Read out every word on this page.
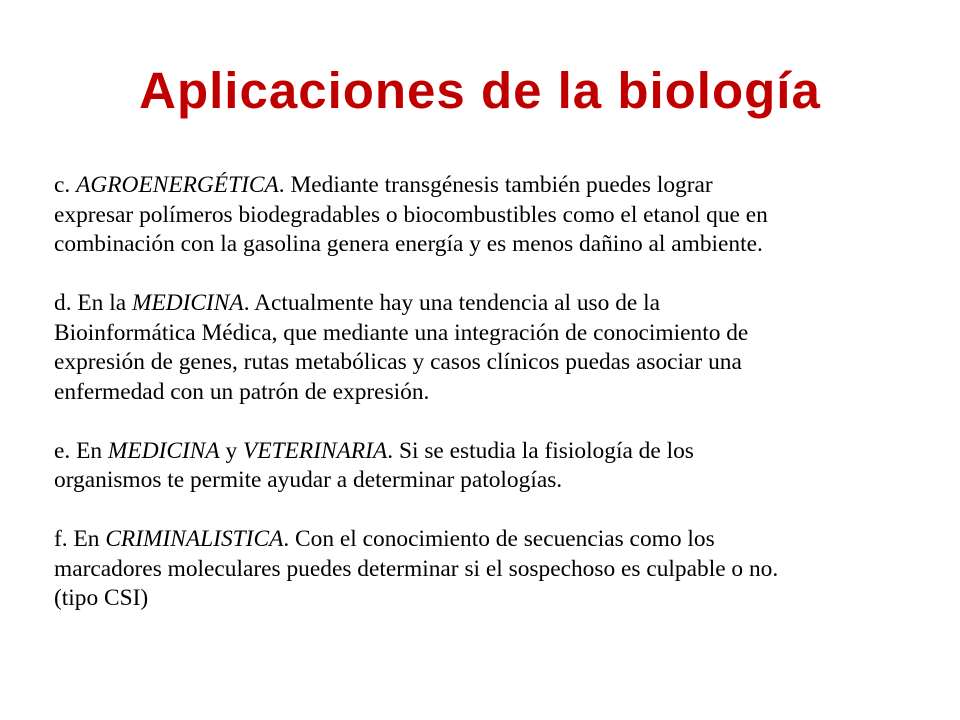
Aplicaciones de la biología

c. AGROENERGÉTICA. Mediante transgénesis también puedes lograr
expresar polímeros biodegradables o biocombustibles como el etanol que en
combinación con la gasolina genera energía y es menos dañino al ambiente.

d. En la MEDICINA. Actualmente hay una tendencia al uso de la
Bioinformática Médica, que mediante una integración de conocimiento de
expresión de genes, rutas metabólicas y casos clínicos puedas asociar una
enfermedad con un patrón de expresión.

e. En MEDICINA y VETERINARIA. Si se estudia la fisiología de los
organismos te permite ayudar a determinar patologías.

f. En CRIMINALISTICA. Con el conocimiento de secuencias como los
marcadores moleculares puedes determinar si el sospechoso es culpable o no.
(tipo CSI)
